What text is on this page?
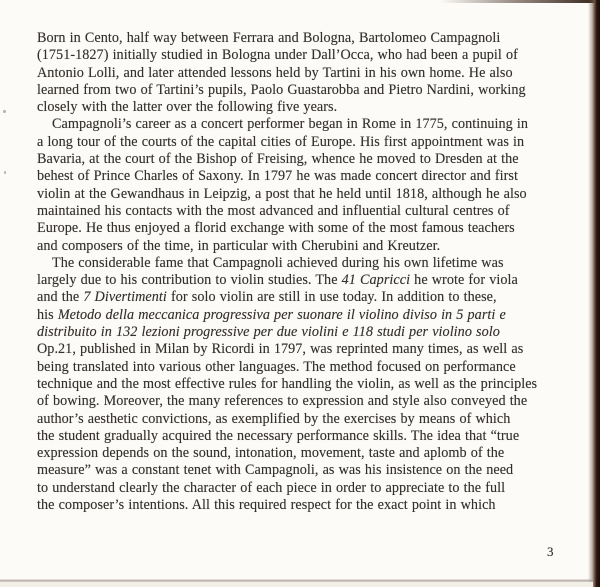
Born in Cento, half way between Ferrara and Bologna, Bartolomeo Campagnoli
(1751-1827) initially studied in Bologna under Dall’Occa, who had been a pupil of
Antonio Lolli, and later attended lessons held by Tartini in his own home. He also
learned from two of Tartini’s pupils, Paolo Guastarobba and Pietro Nardini, working
closely with the latter over the following five years.
Campagnoli’s career as a concert performer began in Rome in 1775, continuing in
a long tour of the courts of the capital cities of Europe. His first appointment was in
Bavaria, at the court of the Bishop of Freising, whence he moved to Dresden at the
behest of Prince Charles of Saxony. In 1797 he was made concert director and first
violin at the Gewandhaus in Leipzig, a post that he held until 1818, although he also
maintained his contacts with the most advanced and influential cultural centres of
Europe. He thus enjoyed a florid exchange with some of the most famous teachers
and composers of the time, in particular with Cherubini and Kreutzer.
The considerable fame that Campagnoli achieved during his own lifetime was
largely due to his contribution to violin studies. The 41 Capricci he wrote for viola
and the 7 Divertimenti for solo violin are still in use today. In addition to these,
his Metodo della meccanica progressiva per suonare il violino diviso in 5 parti e
distribuito in 132 lezioni progressive per due violini e 118 studi per violino solo
Op.21, published in Milan by Ricordi in 1797, was reprinted many times, as well as
being translated into various other languages. The method focused on performance
technique and the most effective rules for handling the violin, as well as the principles
of bowing. Moreover, the many references to expression and style also conveyed the
author’s aesthetic convictions, as exemplified by the exercises by means of which
the student gradually acquired the necessary performance skills. The idea that “true
expression depends on the sound, intonation, movement, taste and aplomb of the
measure” was a constant tenet with Campagnoli, as was his insistence on the need
to understand clearly the character of each piece in order to appreciate to the full
the composer’s intentions. All this required respect for the exact point in which
3
